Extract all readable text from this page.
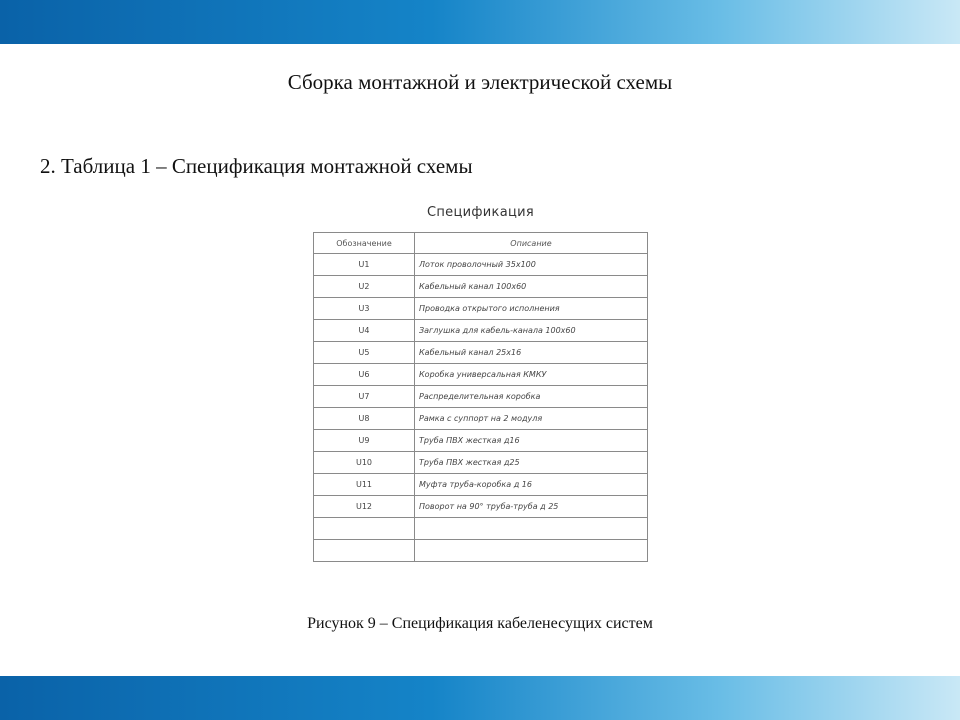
Сборка монтажной и электрической схемы
2. Таблица 1 – Спецификация монтажной схемы
Спецификация
Обозначение	Описание
U1	Лоток проволочный 35x100
U2	Кабельный канал 100x60
U3	Проводка открытого исполнения
U4	Заглушка для кабель-канала 100x60
U5	Кабельный канал 25x16
U6	Коробка универсальная КМКУ
U7	Распределительная коробка
U8	Рамка с суппорт на 2 модуля
U9	Труба ПВХ жесткая д16
U10	Труба ПВХ жесткая д25
U11	Муфта труба-коробка д 16
U12	Поворот на 90° труба-труба д 25

Рисунок 9 – Спецификация кабеленесущих систем
